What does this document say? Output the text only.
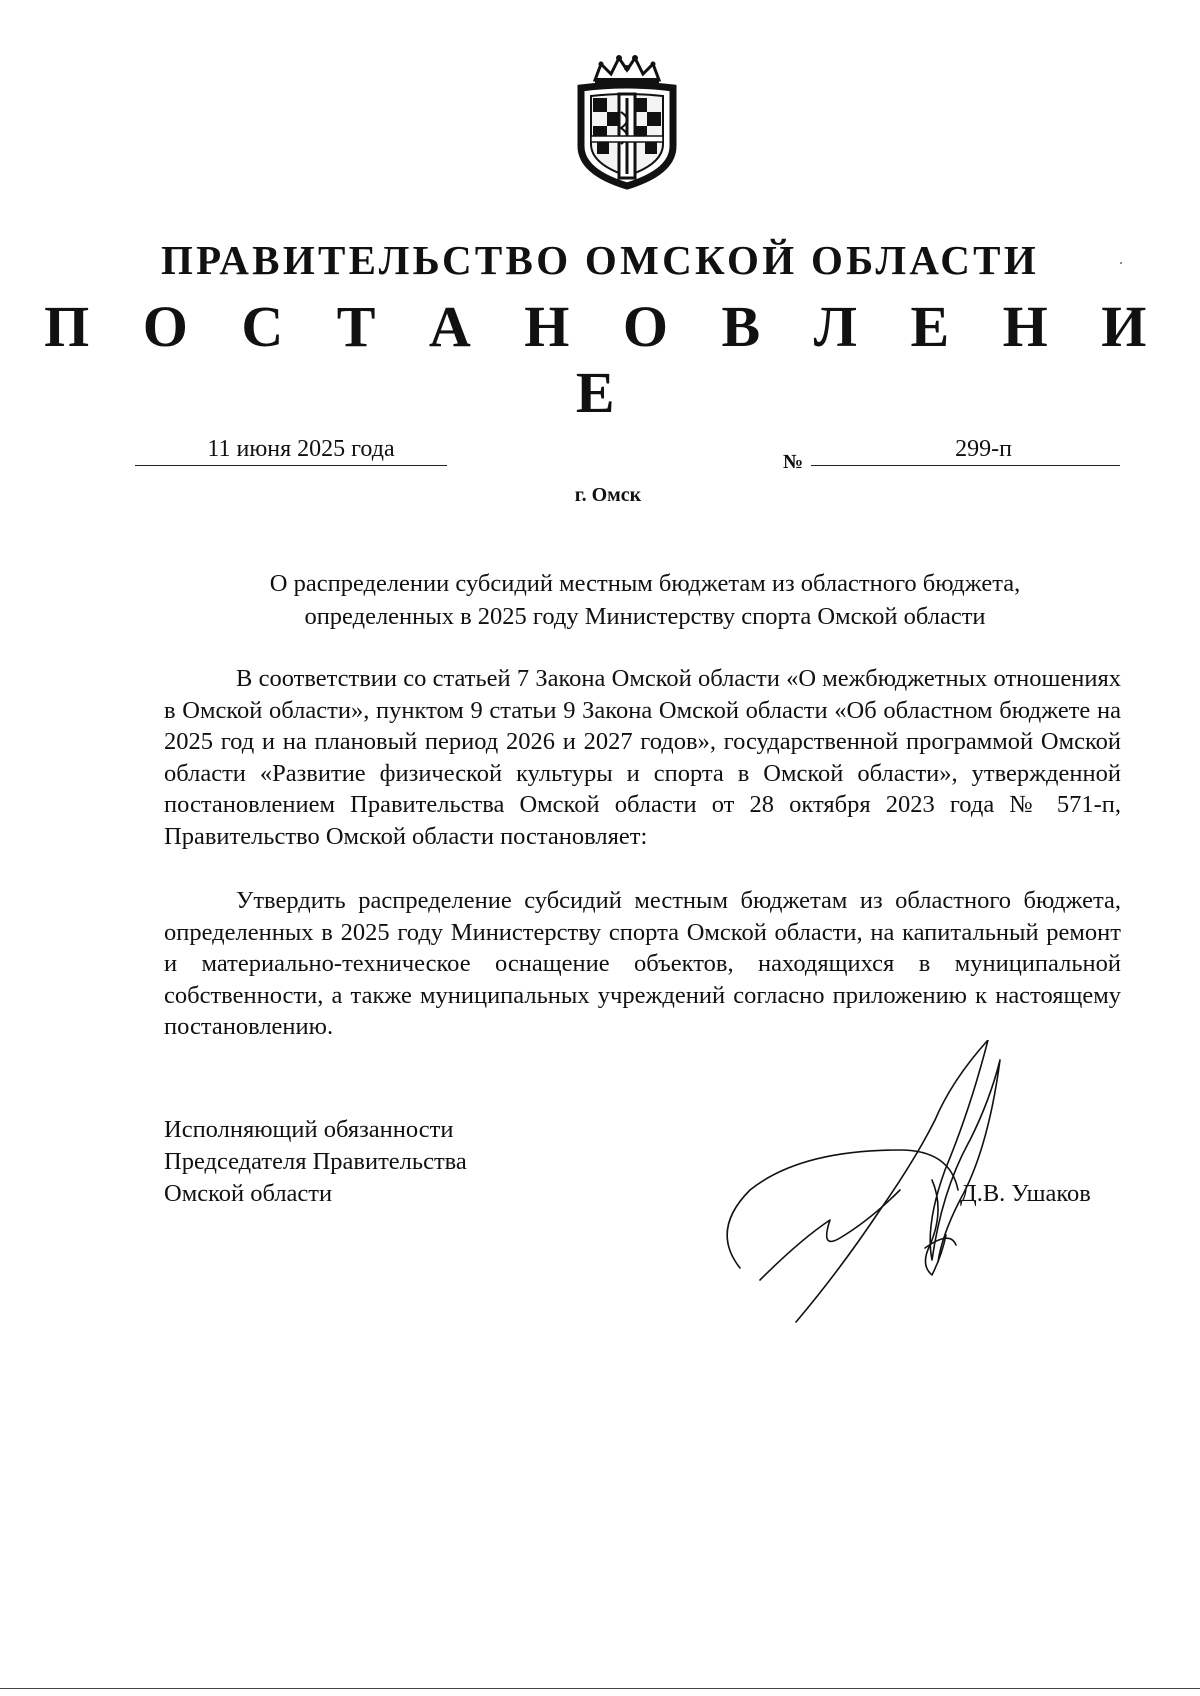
ПРАВИТЕЛЬСТВО ОМСКОЙ ОБЛАСТИ
П О С Т А Н О В Л Е Н И Е
11 июня 2025 года	№	299-п
г. Омск
О распределении субсидий местным бюджетам из областного бюджета,
определенных в 2025 году Министерству спорта Омской области

В соответствии со статьей 7 Закона Омской области «О межбюджетных отношениях в Омской области», пунктом 9 статьи 9 Закона Омской области «Об областном бюджете на 2025 год и на плановый период 2026 и 2027 годов», государственной программой Омской области «Развитие физической культуры и спорта в Омской области», утвержденной постановлением Правительства Омской области от 28 октября 2023 года № 571-п, Правительство Омской области постановляет:

Утвердить распределение субсидий местным бюджетам из областного бюджета, определенных в 2025 году Министерству спорта Омской области, на капитальный ремонт и материально-техническое оснащение объектов, находящихся в муниципальной собственности, а также муниципальных учреждений согласно приложению к настоящему постановлению.

Исполняющий обязанности
Председателя Правительства
Омской области	Д.В. Ушаков
